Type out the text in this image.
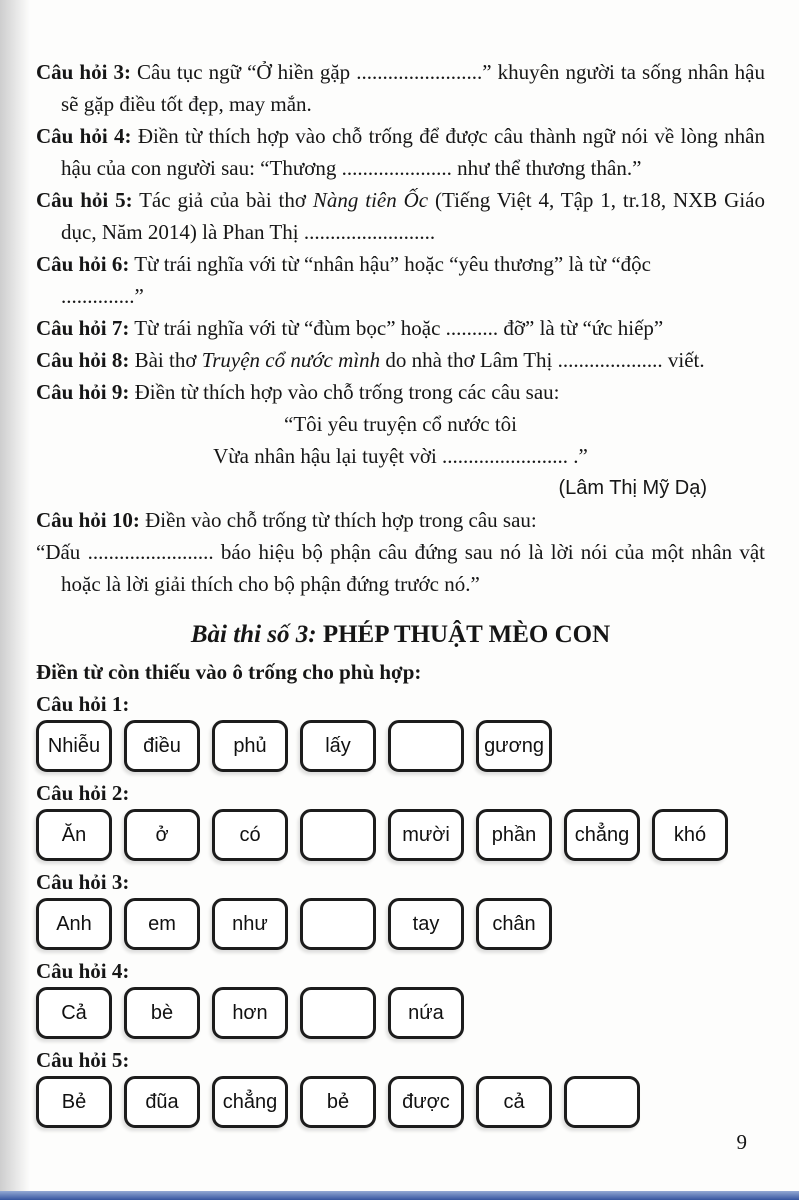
Câu hỏi 3: Câu tục ngữ “Ở hiền gặp ........................” khuyên người ta sống nhân hậu sẽ gặp điều tốt đẹp, may mắn.

Câu hỏi 4: Điền từ thích hợp vào chỗ trống để được câu thành ngữ nói về lòng nhân hậu của con người sau: “Thương ..................... như thể thương thân.”

Câu hỏi 5: Tác giả của bài thơ Nàng tiên Ốc (Tiếng Việt 4, Tập 1, tr.18, NXB Giáo dục, Năm 2014) là Phan Thị .........................

Câu hỏi 6: Từ trái nghĩa với từ “nhân hậu” hoặc “yêu thương” là từ “độc
..............”

Câu hỏi 7: Từ trái nghĩa với từ “đùm bọc” hoặc .......... đỡ” là từ “ức hiếp”

Câu hỏi 8: Bài thơ Truyện cổ nước mình do nhà thơ Lâm Thị .................... viết.

Câu hỏi 9: Điền từ thích hợp vào chỗ trống trong các câu sau:

“Tôi yêu truyện cổ nước tôi

Vừa nhân hậu lại tuyệt vời ........................ .”

(Lâm Thị Mỹ Dạ)

Câu hỏi 10: Điền vào chỗ trống từ thích hợp trong câu sau:

“Dấu ........................ báo hiệu bộ phận câu đứng sau nó là lời nói của một nhân vật hoặc là lời giải thích cho bộ phận đứng trước nó.”

Bài thi số 3: PHÉP THUẬT MÈO CON
Điền từ còn thiếu vào ô trống cho phù hợp:
Câu hỏi 1:
Nhiễu	điều	phủ	lấy	gương
Câu hỏi 2:
Ăn	ở	có	mười	phần	chẳng	khó
Câu hỏi 3:
Anh	em	như	tay	chân
Câu hỏi 4:
Cả	bè	hơn	nứa
Câu hỏi 5:
Bẻ	đũa	chẳng	bẻ	được	cả
9
